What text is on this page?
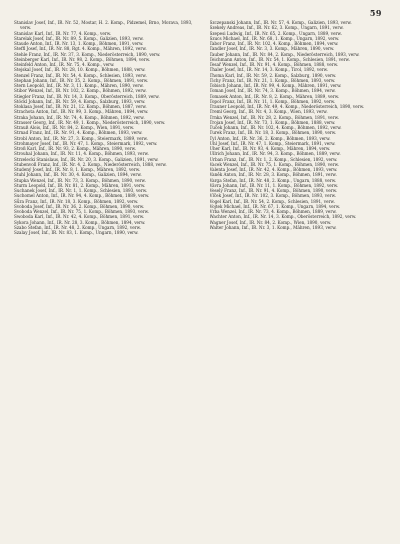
59
Stanislav Josef, Inf., IR. Nr. 52, Mostar, H. 2. Komp., Pidzemel, Brno, Morava, 1893, verw.
Stanislav Karl, Inf., IR. Nr. 77, 4. Komp., verw.
Starelak Josef, Inf., IR. Nr. 89, 5. Komp., Galizien, 1893, verw.
Staude Anton, Inf., IR. Nr. 13, 1. Komp., Böhmen, 1891, verw.
Steffl Josef, Inf., IR. Nr. 88, Rgt. 4. Komp., Mähren, 1892, verw.
Stehle Franz, Inf., IR. Nr. 37, 3. Komp., Niederösterreich, 1890, verw.
Steinberger Karl, Inf., IR. Nr. 98, 2. Komp., Böhmen, 1894, verw.
Steinfeld Anton, Inf., IR. Nr. 75, 4. Komp., verw.
Stejskal Josef, Inf., IR. Nr. 28, 10. Komp., Böhmen, 1888, verw.
Stenzel Franz, Inf., IR. Nr. 54, 4. Komp., Schlesien, 1893, verw.
Stephan Johann, Inf., IR. Nr. 35, 2. Komp., Böhmen, 1891, verw.
Stern Leopold, Inf., IR. Nr. 3, 11. Komp., Mähren, 1890, verw.
Stibor Wenzel, Inf., IR. Nr. 102, 2. Komp., Böhmen, 1892, verw.
Stiegler Franz, Inf., IR. Nr. 14, 3. Komp., Oberösterreich, 1889, verw.
Stöckl Johann, Inf., IR. Nr. 59, 4. Komp., Salzburg, 1893, verw.
Stoklasa Josef, Inf., IR. Nr. 21, 12. Komp., Böhmen, 1887, verw.
Strachota Anton, Inf., IR. Nr. 99, 3. Komp., Mähren, 1894, verw.
Straka Johann, Inf., IR. Nr. 74, 4. Komp., Böhmen, 1892, verw.
Strasser Georg, Inf., IR. Nr. 49, 1. Komp., Niederösterreich, 1890, verw.
Strauß Alois, Inf., IR. Nr. 84, 2. Komp., Wien, 1891, verw.
Strnad Franz, Inf., IR. Nr. 91, 4. Komp., Böhmen, 1893, verw.
Strobl Anton, Inf., IR. Nr. 27, 3. Komp., Steiermark, 1889, verw.
Strohmayer Josef, Inf., IR. Nr. 47, 1. Komp., Steiermark, 1892, verw.
Stroß Karl, Inf., IR. Nr. 93, 2. Komp., Mähren, 1890, verw.
Strouhal Johann, Inf., IR. Nr. 11, 4. Komp., Böhmen, 1893, verw.
Strzelecki Stanislaus, Inf., IR. Nr. 20, 3. Komp., Galizien, 1891, verw.
Stubenvoll Franz, Inf., IR. Nr. 4, 2. Komp., Niederösterreich, 1888, verw.
Studený Josef, Inf., IR. Nr. 8, 1. Komp., Mähren, 1892, verw.
Stuhl Johann, Inf., IR. Nr. 30, 4. Komp., Galizien, 1894, verw.
Stupka Wenzel, Inf., IR. Nr. 73, 3. Komp., Böhmen, 1890, verw.
Sturm Leopold, Inf., IR. Nr. 81, 2. Komp., Mähren, 1891, verw.
Suchanek Josef, Inf., IR. Nr. 1, 1. Komp., Schlesien, 1893, verw.
Suchomel Anton, Inf., IR. Nr. 94, 4. Komp., Böhmen, 1889, verw.
Sůra Franz, Inf., IR. Nr. 18, 3. Komp., Böhmen, 1892, verw.
Svoboda Josef, Inf., IR. Nr. 36, 2. Komp., Böhmen, 1890, verw.
Svoboda Wenzel, Inf., IR. Nr. 75, 1. Komp., Böhmen, 1893, verw.
Swoboda Karl, Inf., IR. Nr. 42, 4. Komp., Böhmen, 1891, verw.
Sykora Johann, Inf., IR. Nr. 28, 3. Komp., Böhmen, 1894, verw.
Szabo Stefan, Inf., IR. Nr. 48, 2. Komp., Ungarn, 1892, verw.
Szalay Josef, Inf., IR. Nr. 83, 1. Komp., Ungarn, 1890, verw.
Szczepanski Johann, Inf., IR. Nr. 57, 4. Komp., Galizien, 1893, verw.
Szekely Andreas, Inf., IR. Nr. 62, 3. Komp., Ungarn, 1891, verw.
Szepesi Ludwig, Inf., IR. Nr. 65, 2. Komp., Ungarn, 1889, verw.
Szucs Michael, Inf., IR. Nr. 68, 1. Komp., Ungarn, 1892, verw.
Tabor Franz, Inf., IR. Nr. 102, 4. Komp., Böhmen, 1894, verw.
Tandler Josef, Inf., IR. Nr. 3, 3. Komp., Mähren, 1890, verw.
Tauber Johann, Inf., IR. Nr. 84, 2. Komp., Niederösterreich, 1893, verw.
Teichmann Anton, Inf., IR. Nr. 54, 1. Komp., Schlesien, 1891, verw.
Tesař Wenzel, Inf., IR. Nr. 91, 4. Komp., Böhmen, 1888, verw.
Thaler Josef, Inf., IR. Nr. 14, 3. Komp., Tirol, 1892, verw.
Thoma Karl, Inf., IR. Nr. 59, 2. Komp., Salzburg, 1890, verw.
Tichy Franz, Inf., IR. Nr. 21, 1. Komp., Böhmen, 1893, verw.
Tobisch Johann, Inf., IR. Nr. 99, 4. Komp., Mähren, 1891, verw.
Toman Josef, Inf., IR. Nr. 74, 3. Komp., Böhmen, 1894, verw.
Tomasek Anton, Inf., IR. Nr. 8, 2. Komp., Mähren, 1889, verw.
Topol Franz, Inf., IR. Nr. 11, 1. Komp., Böhmen, 1892, verw.
Trauner Leopold, Inf., IR. Nr. 49, 4. Komp., Niederösterreich, 1890, verw.
Treml Georg, Inf., IR. Nr. 4, 3. Komp., Wien, 1893, verw.
Trnka Wenzel, Inf., IR. Nr. 28, 2. Komp., Böhmen, 1891, verw.
Trojan Josef, Inf., IR. Nr. 73, 1. Komp., Böhmen, 1888, verw.
Tuček Johann, Inf., IR. Nr. 102, 4. Komp., Böhmen, 1892, verw.
Turek Franz, Inf., IR. Nr. 18, 3. Komp., Böhmen, 1890, verw.
Tyl Anton, Inf., IR. Nr. 36, 2. Komp., Böhmen, 1893, verw.
Uhl Josef, Inf., IR. Nr. 47, 1. Komp., Steiermark, 1891, verw.
Uher Karl, Inf., IR. Nr. 93, 4. Komp., Mähren, 1894, verw.
Ullrich Johann, Inf., IR. Nr. 94, 3. Komp., Böhmen, 1889, verw.
Urban Franz, Inf., IR. Nr. 1, 2. Komp., Schlesien, 1892, verw.
Vacek Wenzel, Inf., IR. Nr. 75, 1. Komp., Böhmen, 1890, verw.
Valenta Josef, Inf., IR. Nr. 42, 4. Komp., Böhmen, 1893, verw.
Vaněk Anton, Inf., IR. Nr. 28, 3. Komp., Böhmen, 1891, verw.
Varga Stefan, Inf., IR. Nr. 48, 2. Komp., Ungarn, 1888, verw.
Vávra Johann, Inf., IR. Nr. 11, 1. Komp., Böhmen, 1892, verw.
Veselý Franz, Inf., IR. Nr. 91, 4. Komp., Böhmen, 1890, verw.
Vlček Josef, Inf., IR. Nr. 102, 3. Komp., Böhmen, 1893, verw.
Vogel Karl, Inf., IR. Nr. 54, 2. Komp., Schlesien, 1891, verw.
Vojtek Michael, Inf., IR. Nr. 67, 1. Komp., Ungarn, 1894, verw.
Vrba Wenzel, Inf., IR. Nr. 73, 4. Komp., Böhmen, 1889, verw.
Wachter Anton, Inf., IR. Nr. 14, 3. Komp., Oberösterreich, 1892, verw.
Wagner Josef, Inf., IR. Nr. 84, 2. Komp., Wien, 1890, verw.
Walter Johann, Inf., IR. Nr. 3, 1. Komp., Mähren, 1893, verw.
